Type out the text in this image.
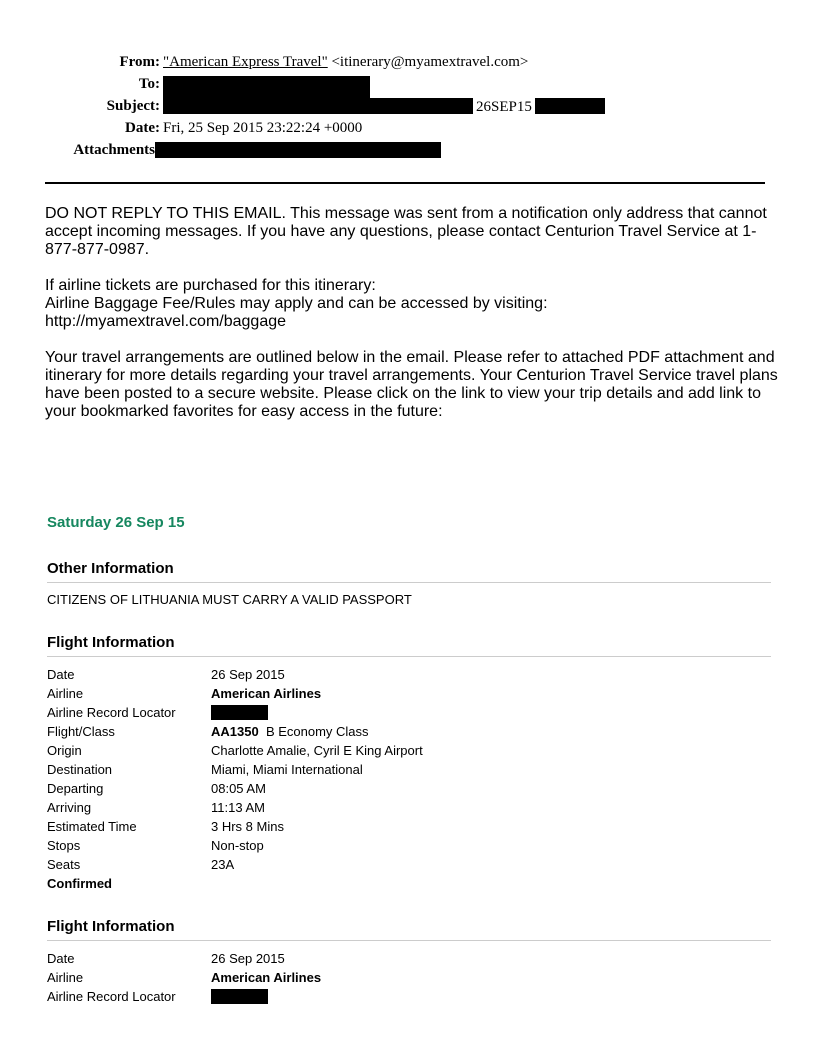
From: "American Express Travel" <itinerary@myamextravel.com>
To:
Subject:	26SEP15
Date: Fri, 25 Sep 2015 23:22:24 +0000
Attachments

DO NOT REPLY TO THIS EMAIL. This message was sent from a notification only address that cannot accept incoming messages. If you have any questions, please contact Centurion Travel Service at 1-877-877-0987.

If airline tickets are purchased for this itinerary:
Airline Baggage Fee/Rules may apply and can be accessed by visiting:
http://myamextravel.com/baggage

Your travel arrangements are outlined below in the email. Please refer to attached PDF attachment and itinerary for more details regarding your travel arrangements. Your Centurion Travel Service travel plans have been posted to a secure website. Please click on the link to view your trip details and add link to your bookmarked favorites for easy access in the future:

Saturday 26 Sep 15
Other Information
CITIZENS OF LITHUANIA MUST CARRY A VALID PASSPORT
Flight Information
Date	26 Sep 2015
Airline	American Airlines
Airline Record Locator
Flight/Class	AA1350 B Economy Class
Origin	Charlotte Amalie, Cyril E King Airport
Destination	Miami, Miami International
Departing	08:05 AM
Arriving	11:13 AM
Estimated Time	3 Hrs 8 Mins
Stops	Non-stop
Seats	23A
Confirmed
Flight Information
Date	26 Sep 2015
Airline	American Airlines
Airline Record Locator
